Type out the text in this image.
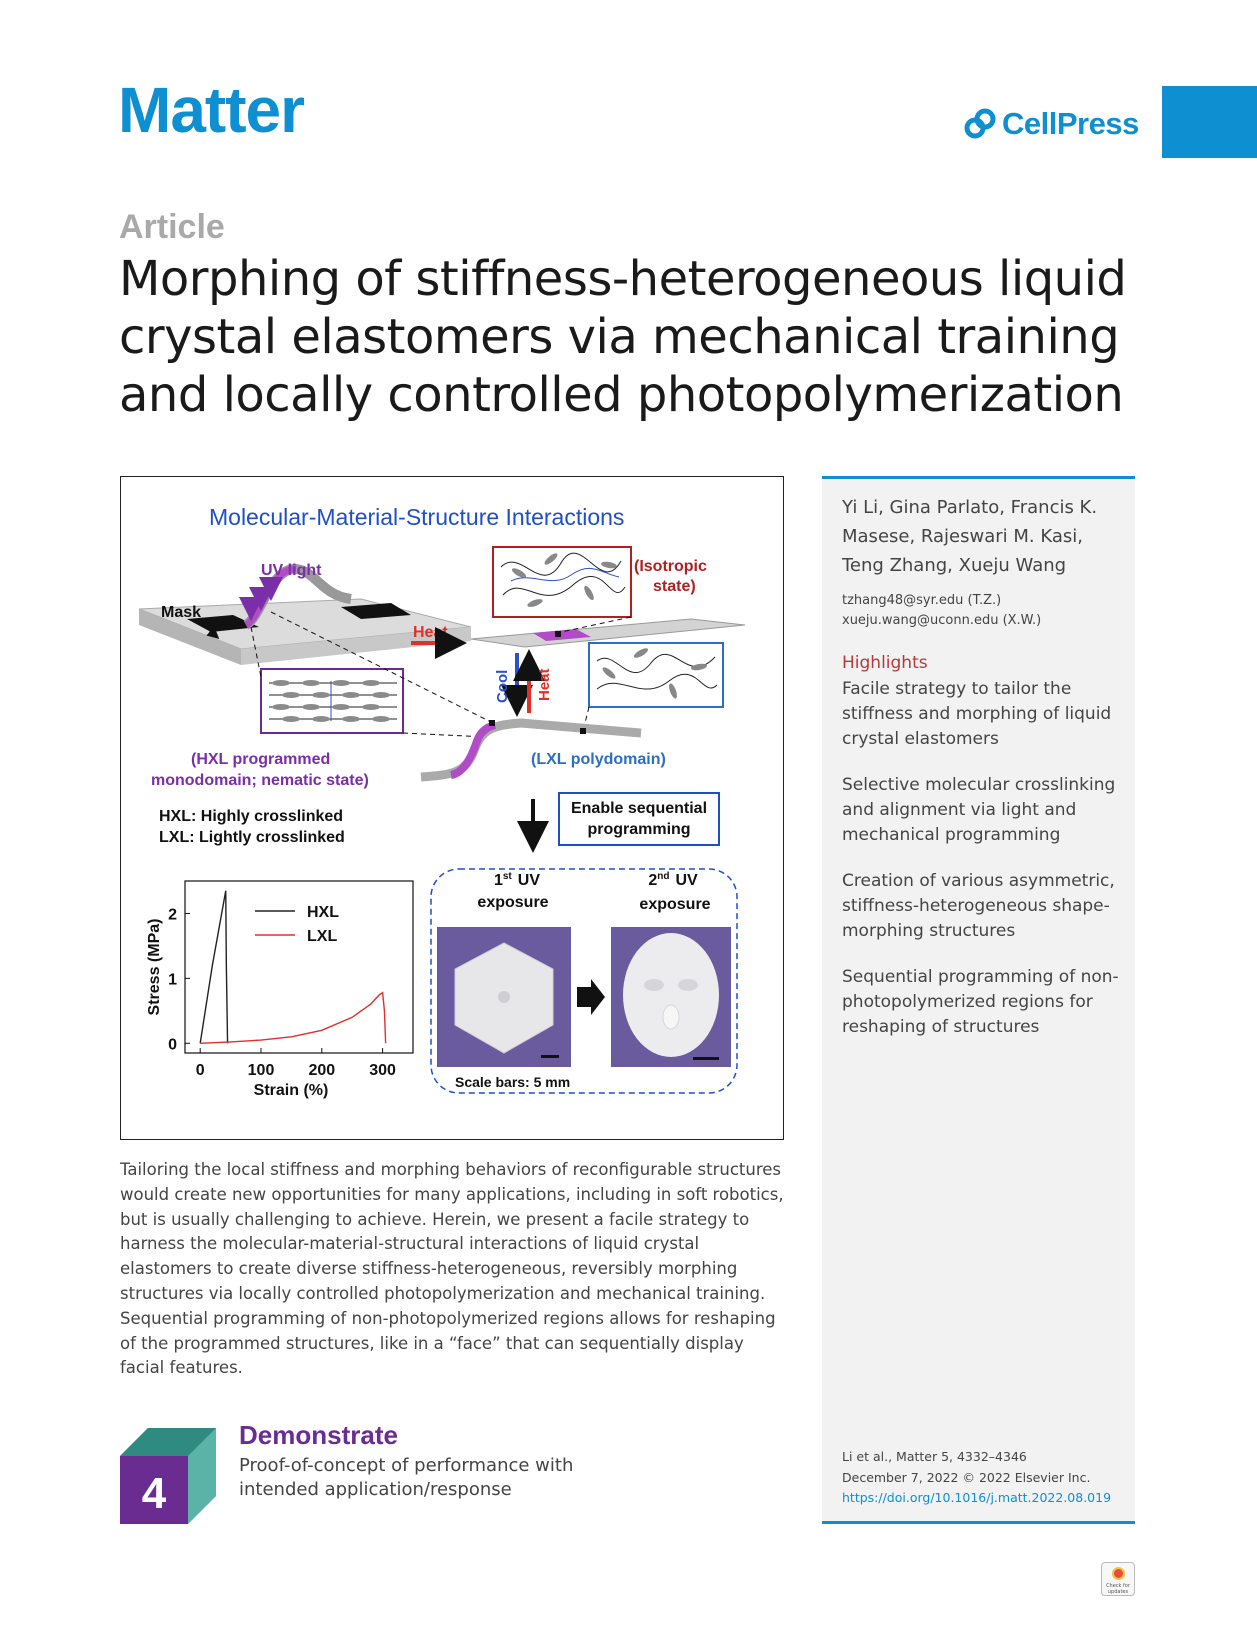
Matter	CellPress
Article
Morphing of stiffness-heterogeneous liquid crystal elastomers via mechanical training and locally controlled photopolymerization
Molecular-Material-Structure Interactions
UV light
Mask
Heat
(Isotropic
state)
Cool Heat
(HXL programmed
monodomain; nematic state)
(LXL polydomain)
HXL: Highly crosslinked
LXL: Lightly crosslinked
Enable sequential
programming
0	100 200 300
0
1
2	HXL
LXL
Strain (%)
Stress (MPa)
1st UV
exposure
2nd UV
exposure
Scale bars: 5 mm
Yi Li, Gina Parlato, Francis K. Masese, Rajeswari M. Kasi, Teng Zhang, Xueju Wang
tzhang48@syr.edu (T.Z.)
xueju.wang@uconn.edu (X.W.)
Highlights
Facile strategy to tailor the stiffness and morphing of liquid crystal elastomers
Selective molecular crosslinking and alignment via light and mechanical programming
Creation of various asymmetric, stiffness-heterogeneous shape-morphing structures
Sequential programming of non-photopolymerized regions for reshaping of structures
Li et al., Matter 5, 4332–4346
December 7, 2022 © 2022 Elsevier Inc.
https://doi.org/10.1016/j.matt.2022.08.019
Tailoring the local stiffness and morphing behaviors of reconfigurable structures would create new opportunities for many applications, including in soft robotics, but is usually challenging to achieve. Herein, we present a facile strategy to harness the molecular-material-structural interactions of liquid crystal elastomers to create diverse stiffness-heterogeneous, reversibly morphing structures via locally controlled photopolymerization and mechanical training. Sequential programming of non-photopolymerized regions allows for reshaping of the programmed structures, like in a “face” that can sequentially display facial features.
4
Demonstrate
Proof-of-concept of performance with intended application/response
Check for
updates
